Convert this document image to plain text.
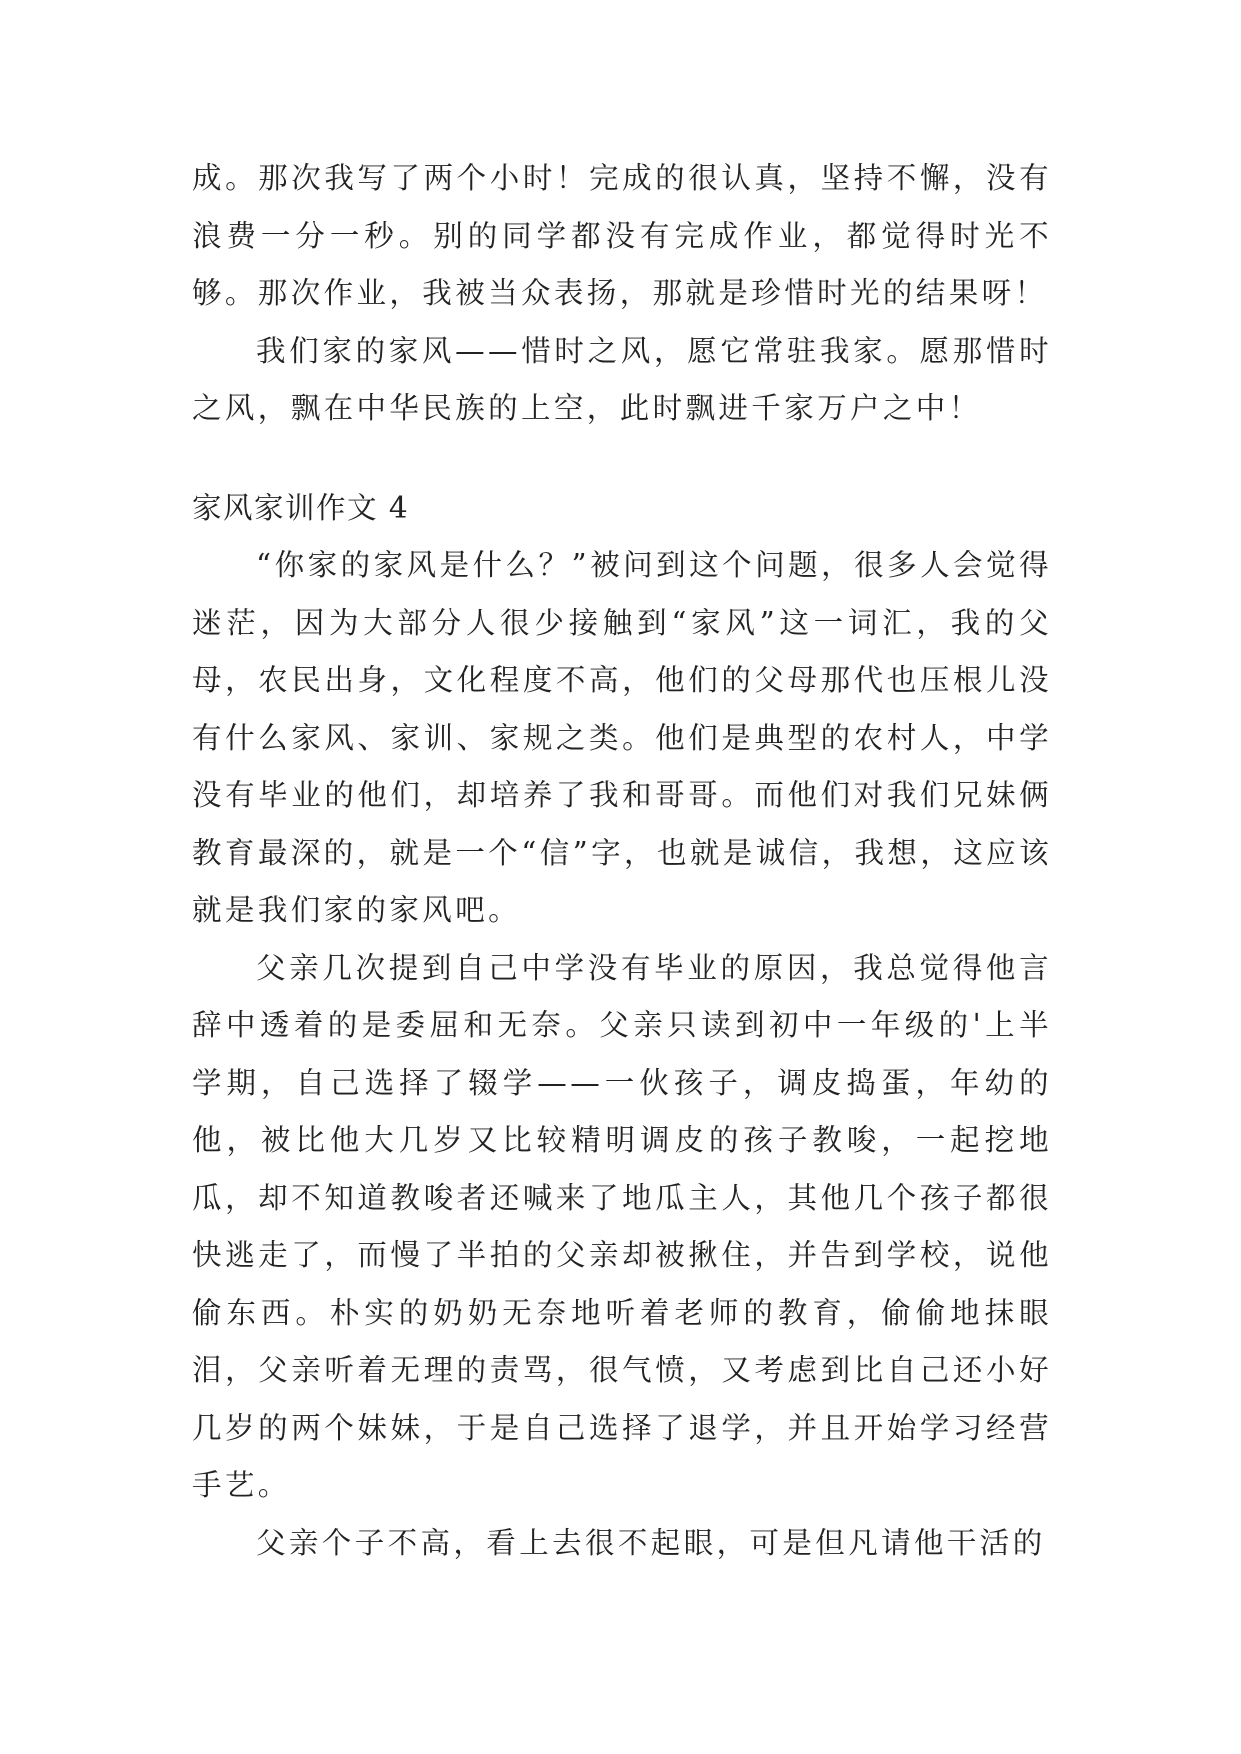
成。那次我写了两个小时！完成的很认真，坚持不懈，没有浪费一分一秒。别的同学都没有完成作业，都觉得时光不够。那次作业，我被当众表扬，那就是珍惜时光的结果呀！

我们家的家风——惜时之风，愿它常驻我家。愿那惜时之风，飘在中华民族的上空，此时飘进千家万户之中！

家风家训作文 4

“你家的家风是什么？”被问到这个问题，很多人会觉得迷茫，因为大部分人很少接触到“家风”这一词汇，我的父母，农民出身，文化程度不高，他们的父母那代也压根儿没有什么家风、家训、家规之类。他们是典型的农村人，中学没有毕业的他们，却培养了我和哥哥。而他们对我们兄妹俩教育最深的，就是一个“信”字，也就是诚信，我想，这应该就是我们家的家风吧。

父亲几次提到自己中学没有毕业的原因，我总觉得他言辞中透着的是委屈和无奈。父亲只读到初中一年级的'上半学期，自己选择了辍学——一伙孩子，调皮捣蛋，年幼的他，被比他大几岁又比较精明调皮的孩子教唆，一起挖地瓜，却不知道教唆者还喊来了地瓜主人，其他几个孩子都很快逃走了，而慢了半拍的父亲却被揪住，并告到学校，说他偷东西。朴实的奶奶无奈地听着老师的教育，偷偷地抹眼泪，父亲听着无理的责骂，很气愤，又考虑到比自己还小好几岁的两个妹妹，于是自己选择了退学，并且开始学习经营手艺。

父亲个子不高，看上去很不起眼，可是但凡请他干活的
